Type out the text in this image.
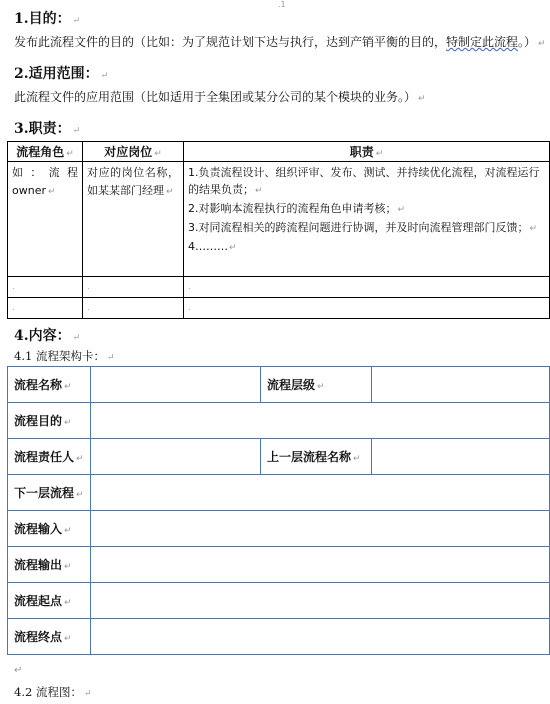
.1
1.目的： ↵
发布此流程文件的目的（比如：为了规范计划下达与执行，达到产销平衡的目的，特制定此流程。） ↵
2.适用范围： ↵
此流程文件的应用范围（比如适用于全集团或某分公司的某个模块的业务。） ↵
3.职责： ↵
流程角色 ↵	对应岗位 ↵	职责 ↵
如：流程owner ↵	对应的岗位名称，如某某部门经理 ↵	1.负责流程设计、组织评审、发布、测试、并持续优化流程，对流程运行的结果负责；↵

2.对影响本流程执行的流程角色申请考核；↵

3.对同流程相关的跨流程问题进行协调，并及时向流程管理部门反馈；↵

4………↵

.	.	.
.	.	.
4.内容： ↵
4.1 流程架构卡： ↵
流程名称 ↵		流程层级 ↵	
流程目的 ↵			
流程责任人 ↵		上一层流程名称 ↵	
下一层流程 ↵			
流程输入 ↵			
流程输出 ↵			
流程起点 ↵			
流程终点 ↵			
↵
4.2 流程图： ↵
